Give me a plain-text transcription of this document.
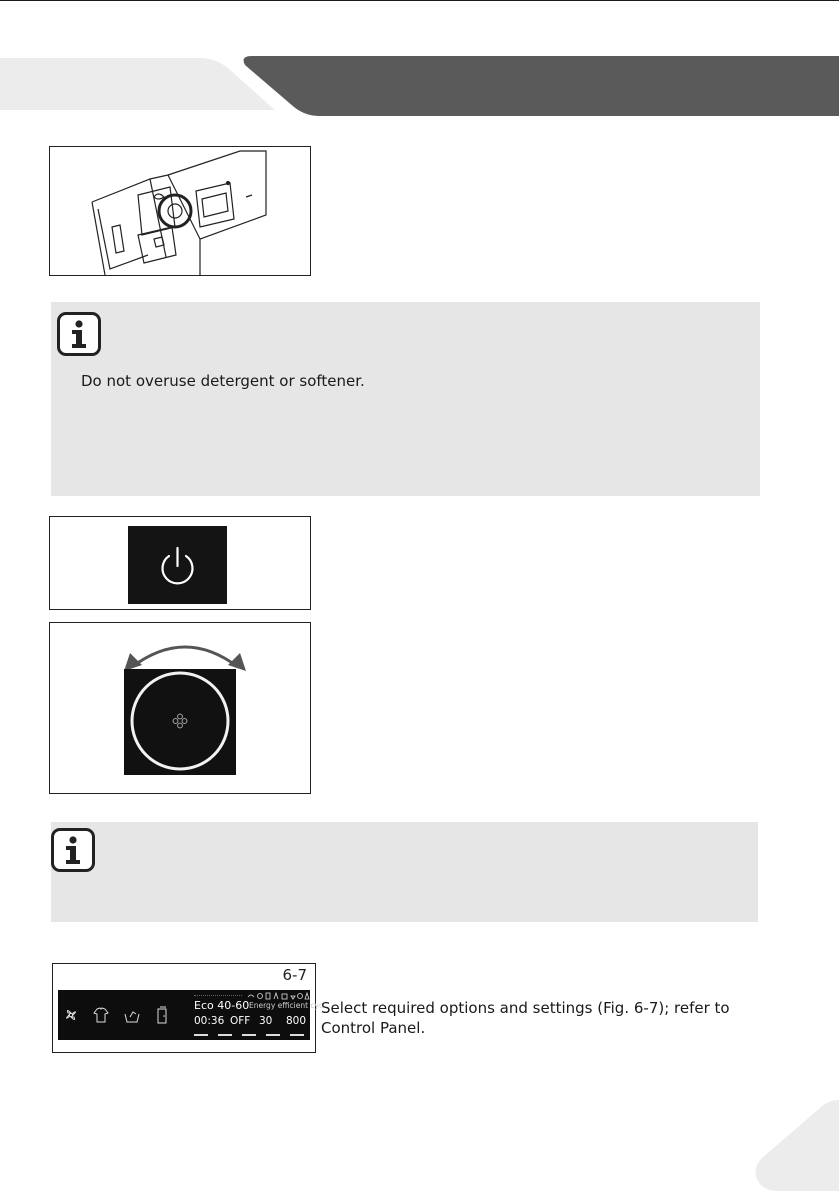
Do not overuse detergent or softener.
6-7
Eco 40-60 Energy efficient cyc
00:36 OFF 30 800
Select required options and settings (Fig. 6-7); refer to Control Panel.
